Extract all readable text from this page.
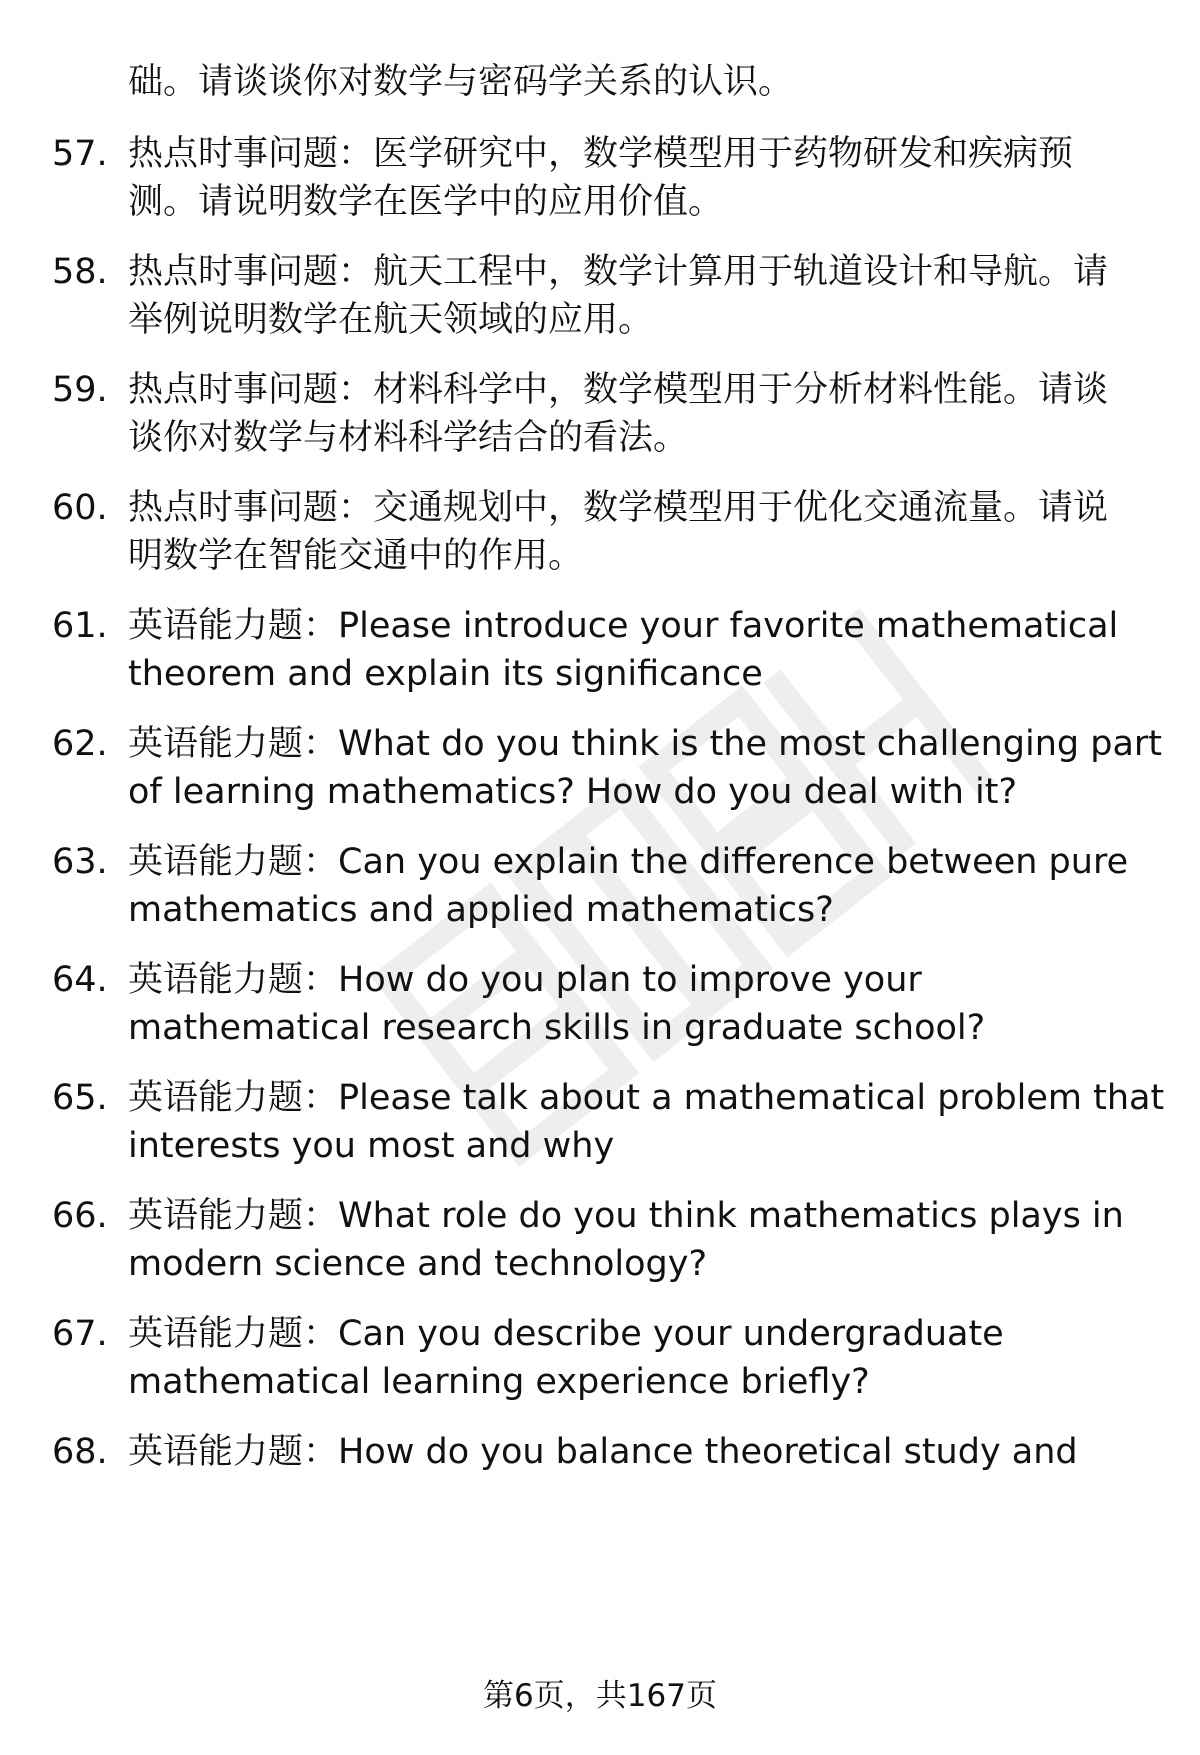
础。请谈谈你对数学与密码学关系的认识。
57. 热点时事问题：医学研究中，数学模型用于药物研发和疾病预
测。请说明数学在医学中的应用价值。
58. 热点时事问题：航天工程中，数学计算用于轨道设计和导航。请
举例说明数学在航天领域的应用。
59. 热点时事问题：材料科学中，数学模型用于分析材料性能。请谈
谈你对数学与材料科学结合的看法。
60. 热点时事问题：交通规划中，数学模型用于优化交通流量。请说
明数学在智能交通中的作用。
61. 英语能力题：Please introduce your favorite mathematical
theorem and explain its significance
62. 英语能力题：What do you think is the most challenging part
of learning mathematics? How do you deal with it?
63. 英语能力题：Can you explain the difference between pure
mathematics and applied mathematics?
64. 英语能力题：How do you plan to improve your
mathematical research skills in graduate school?
65. 英语能力题：Please talk about a mathematical problem that
interests you most and why
66. 英语能力题：What role do you think mathematics plays in
modern science and technology?
67. 英语能力题：Can you describe your undergraduate
mathematical learning experience briefly?
68. 英语能力题：How do you balance theoretical study and
第6页，共167页
